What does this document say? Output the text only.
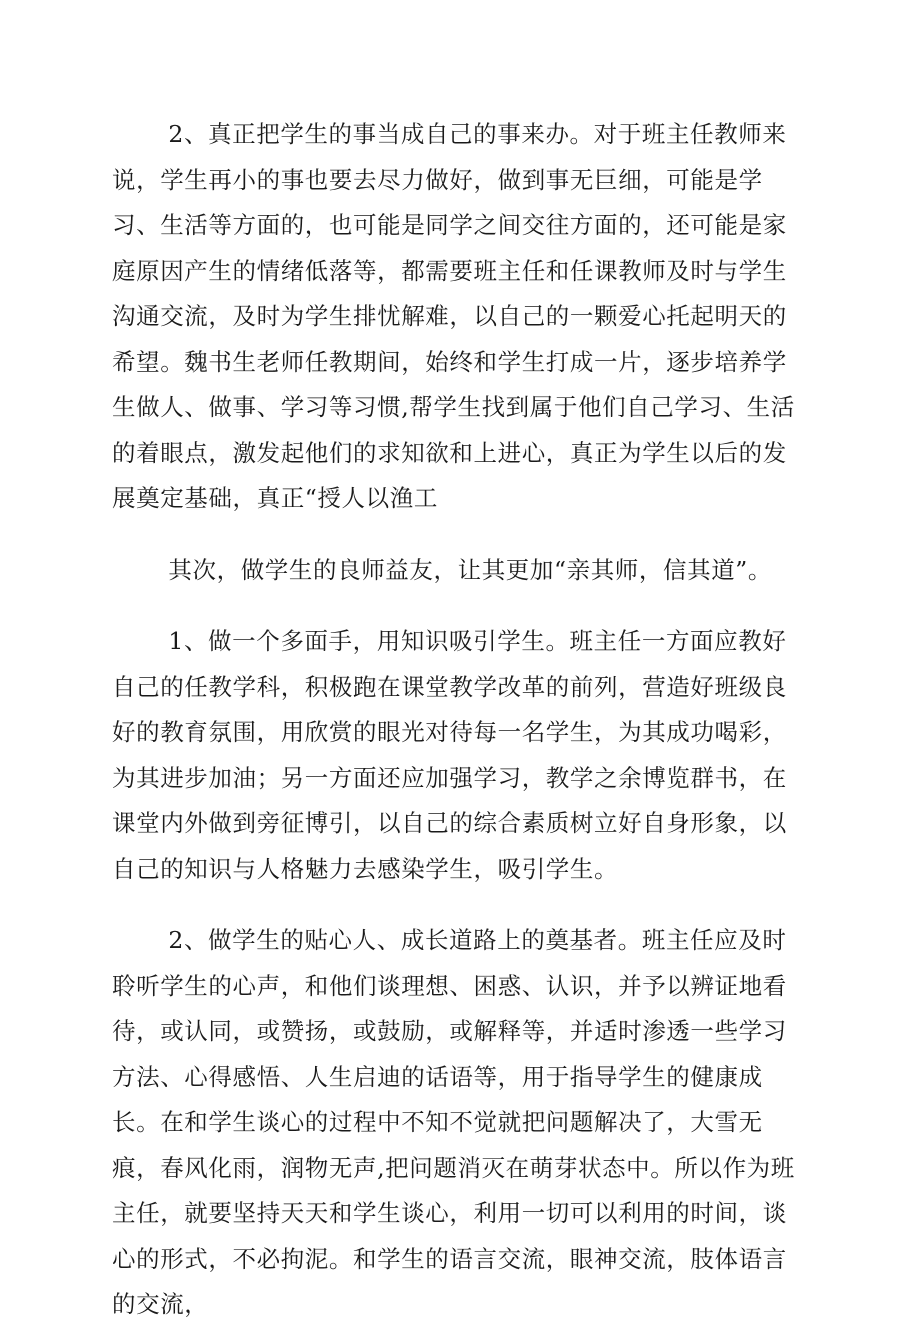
2、真正把学生的事当成自己的事来办。对于班主任教师来说，学生再小的事也要去尽力做好，做到事无巨细，可能是学习、生活等方面的，也可能是同学之间交往方面的，还可能是家庭原因产生的情绪低落等，都需要班主任和任课教师及时与学生沟通交流，及时为学生排忧解难，以自己的一颗爱心托起明天的希望。魏书生老师任教期间，始终和学生打成一片，逐步培养学生做人、做事、学习等习惯,帮学生找到属于他们自己学习、生活的着眼点，激发起他们的求知欲和上进心，真正为学生以后的发展奠定基础，真正“授人以渔工

其次，做学生的良师益友，让其更加“亲其师，信其道”。

1、做一个多面手，用知识吸引学生。班主任一方面应教好自己的任教学科，积极跑在课堂教学改革的前列，营造好班级良好的教育氛围，用欣赏的眼光对待每一名学生，为其成功喝彩，为其进步加油；另一方面还应加强学习，教学之余博览群书，在课堂内外做到旁征博引，以自己的综合素质树立好自身形象，以自己的知识与人格魅力去感染学生，吸引学生。

2、做学生的贴心人、成长道路上的奠基者。班主任应及时聆听学生的心声，和他们谈理想、困惑、认识，并予以辨证地看待，或认同，或赞扬，或鼓励，或解释等，并适时渗透一些学习方法、心得感悟、人生启迪的话语等，用于指导学生的健康成长。在和学生谈心的过程中不知不觉就把问题解决了，大雪无痕，春风化雨，润物无声,把问题消灭在萌芽状态中。所以作为班主任，就要坚持天天和学生谈心，利用一切可以利用的时间，谈心的形式，不必拘泥。和学生的语言交流，眼神交流，肢体语言的交流，
